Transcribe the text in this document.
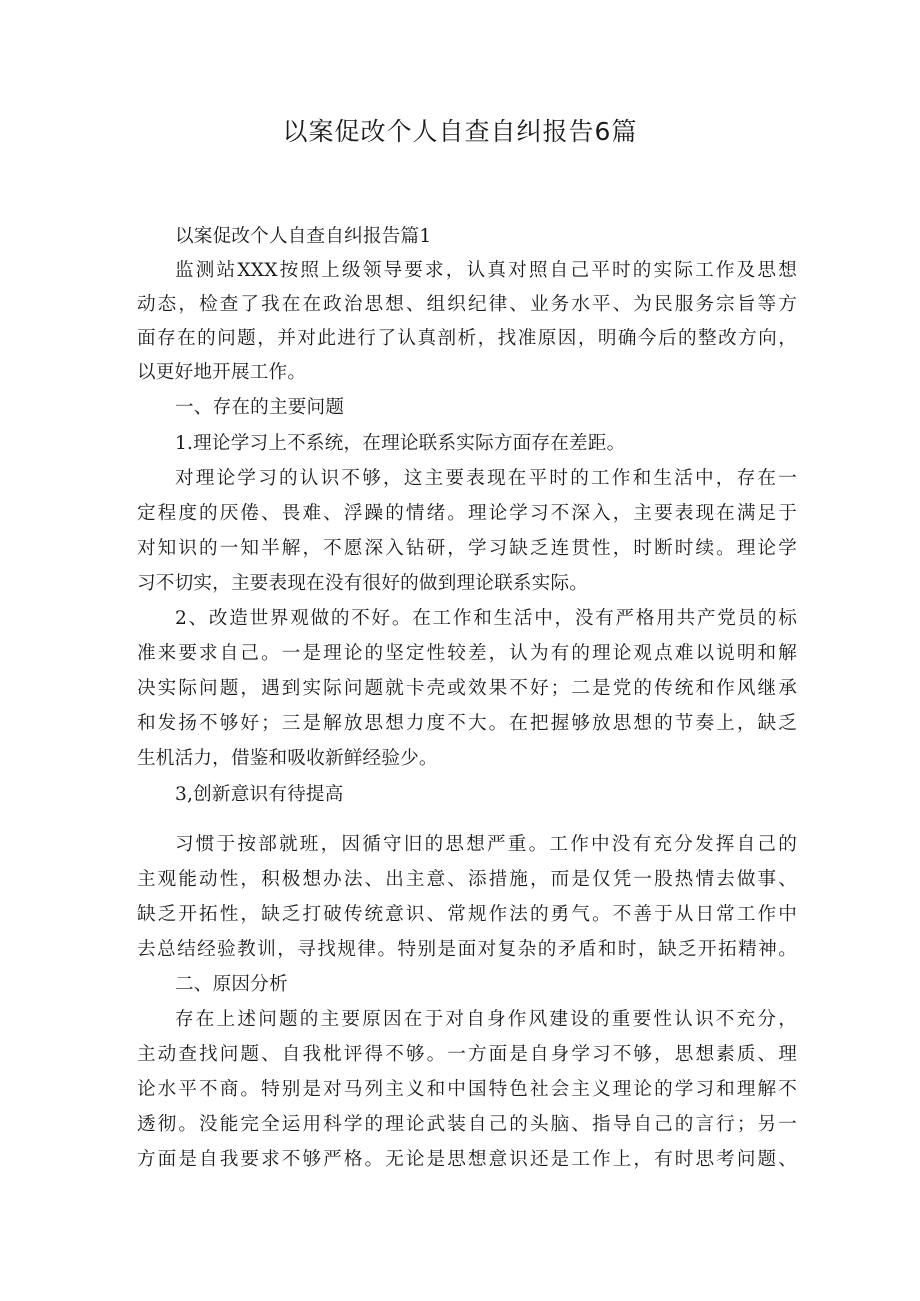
以案促改个人自查自纠报告6篇
以案促改个人自查自纠报告篇1
监测站XXX按照上级领导要求，认真对照自己平时的实际工作及思想
动态，检查了我在在政治思想、组织纪律、业务水平、为民服务宗旨等方
面存在的问题，并对此进行了认真剖析，找准原因，明确今后的整改方向，
以更好地开展工作。
一、存在的主要问题
1.理论学习上不系统，在理论联系实际方面存在差距。
对理论学习的认识不够，这主要表现在平时的工作和生活中，存在一
定程度的厌倦、畏难、浮躁的情绪。理论学习不深入，主要表现在满足于
对知识的一知半解，不愿深入钻研，学习缺乏连贯性，时断时续。理论学
习不切实，主要表现在没有很好的做到理论联系实际。
2、改造世界观做的不好。在工作和生活中，没有严格用共产党员的标
准来要求自己。一是理论的坚定性较差，认为有的理论观点难以说明和解
决实际问题，遇到实际问题就卡壳或效果不好；二是党的传统和作风继承
和发扬不够好；三是解放思想力度不大。在把握够放思想的节奏上，缺乏
生机活力，借鉴和吸收新鲜经验少。
3,创新意识有待提高
习惯于按部就班，因循守旧的思想严重。工作中没有充分发挥自己的
主观能动性，积极想办法、出主意、添措施，而是仅凭一股热情去做事、
缺乏开拓性，缺乏打破传统意识、常规作法的勇气。不善于从日常工作中
去总结经验教训，寻找规律。特别是面对复杂的矛盾和时，缺乏开拓精神。
二、原因分析
存在上述问题的主要原因在于对自身作风建设的重要性认识不充分，
主动查找问题、自我枇评得不够。一方面是自身学习不够，思想素质、理
论水平不商。特别是对马列主义和中国特色社会主义理论的学习和理解不
透彻。没能完全运用科学的理论武装自己的头脑、指导自己的言行；另一
方面是自我要求不够严格。无论是思想意识还是工作上，有时思考问题、
